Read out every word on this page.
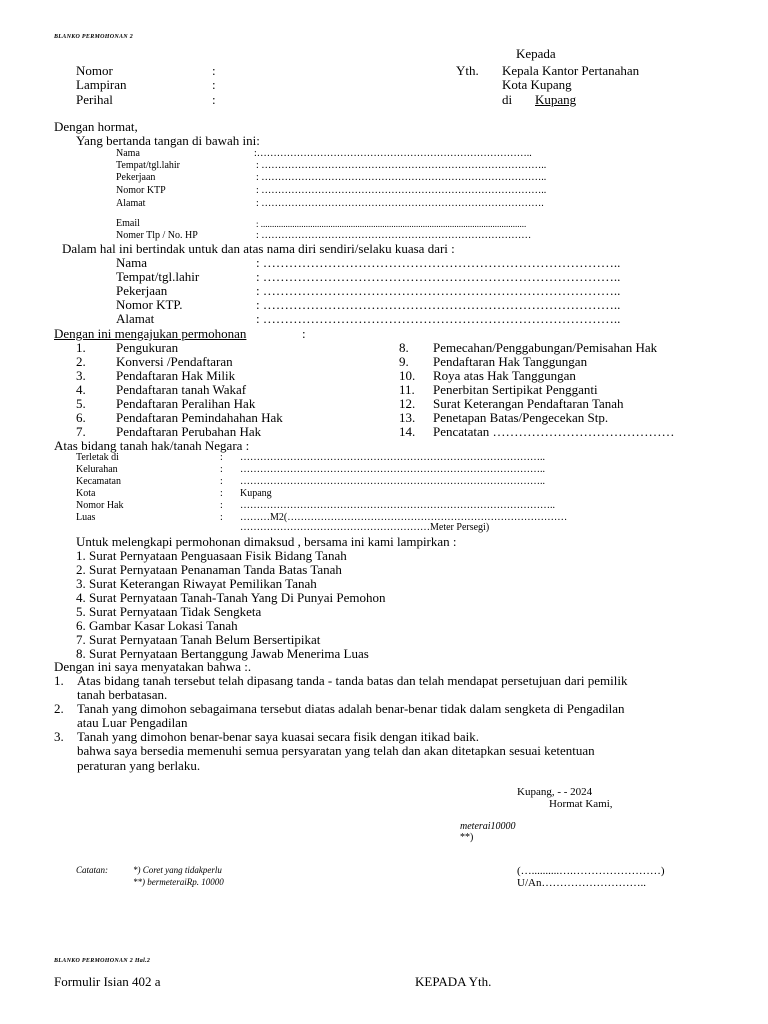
BLANKO PERMOHONAN 2
Kepada
Yth. Kepala Kantor Pertanahan
Kota Kupang
di Kupang
Nomor	:
Lampiran	:
Perihal	:
Dengan hormat,
Yang bertanda tangan di bawah ini:
Nama	:………………………………………………………………………..
Tempat/tgl.lahir	: …………………………………………………………………………..
Pekerjaan	: …………………………………………………………………………..
Nomor KTP	: …………………………………………………………………………..
Alamat	: ………………………………………………………………………….
Email	: ......................................................................................................................
Nomer Tlp / No. HP	: ………………………………………………………………………
Dalam hal ini bertindak untuk dan atas nama diri sendiri/selaku kuasa dari :
Nama	: ………………………………………………………………………..
Tempat/tgl.lahir	: ………………………………………………………………………..
Pekerjaan	: ………………………………………………………………………..
Nomor KTP.	: ………………………………………………………………………..
Alamat	: ………………………………………………………………………..
Dengan ini mengajukan permohonan	:
1. Pengukuran
2. Konversi /Pendaftaran
3. Pendaftaran Hak Milik
4. Pendaftaran tanah Wakaf
5. Pendaftaran Peralihan Hak
6. Pendaftaran Pemindahahan Hak
7. Pendaftaran Perubahan Hak
8. Pemecahan/Penggabungan/Pemisahan Hak
9. Pendaftaran Hak Tanggungan
10. Roya atas Hak Tanggungan
11. Penerbitan Sertipikat Pengganti
12. Surat Keterangan Pendaftaran Tanah
13. Penetapan Batas/Pengecekan Stp.
14. Pencatatan ……………………………………
Atas bidang tanah hak/tanah Negara :
Terletak di	: ………………………………………………………………………………..
Kelurahan	: ………………………………………………………………………………..
Kecamatan	: ………………………………………………………………………………..
Kota	: Kupang
Nomor Hak	: …………………………………………………………………………………..
Luas	: ………M2(…………………………………………………………………………
…………………………………………………Meter Persegi)
Untuk melengkapi permohonan dimaksud , bersama ini kami lampirkan :
1. Surat Pernyataan Penguasaan Fisik Bidang Tanah
2. Surat Pernyataan Penanaman Tanda Batas Tanah
3. Surat Keterangan Riwayat Pemilikan Tanah
4. Surat Pernyataan Tanah-Tanah Yang Di Punyai Pemohon
5. Surat Pernyataan Tidak Sengketa
6. Gambar Kasar Lokasi Tanah
7. Surat Pernyataan Tanah Belum Bersertipikat
8. Surat Pernyataan Bertanggung Jawab Menerima Luas
Dengan ini saya menyatakan bahwa :.
1. Atas bidang tanah tersebut telah dipasang tanda - tanda batas dan telah mendapat persetujuan dari pemilik
tanah berbatasan.
2. Tanah yang dimohon sebagaimana tersebut diatas adalah benar-benar tidak dalam sengketa di Pengadilan
atau Luar Pengadilan
3. Tanah yang dimohon benar-benar saya kuasai secara fisik dengan itikad baik.
bahwa saya bersedia memenuhi semua persyaratan yang telah dan akan ditetapkan sesuai ketentuan
peraturan yang berlaku.
Kupang, - - 2024
Hormat Kami,
meterai10000
**)
(…..........….……………………)
U/An………………………..
Catatan:	*) Coret yang tidakperlu
**) bermeteraiRp. 10000
BLANKO PERMOHONAN 2 Hal.2
Formulir Isian 402 a	KEPADA Yth.
